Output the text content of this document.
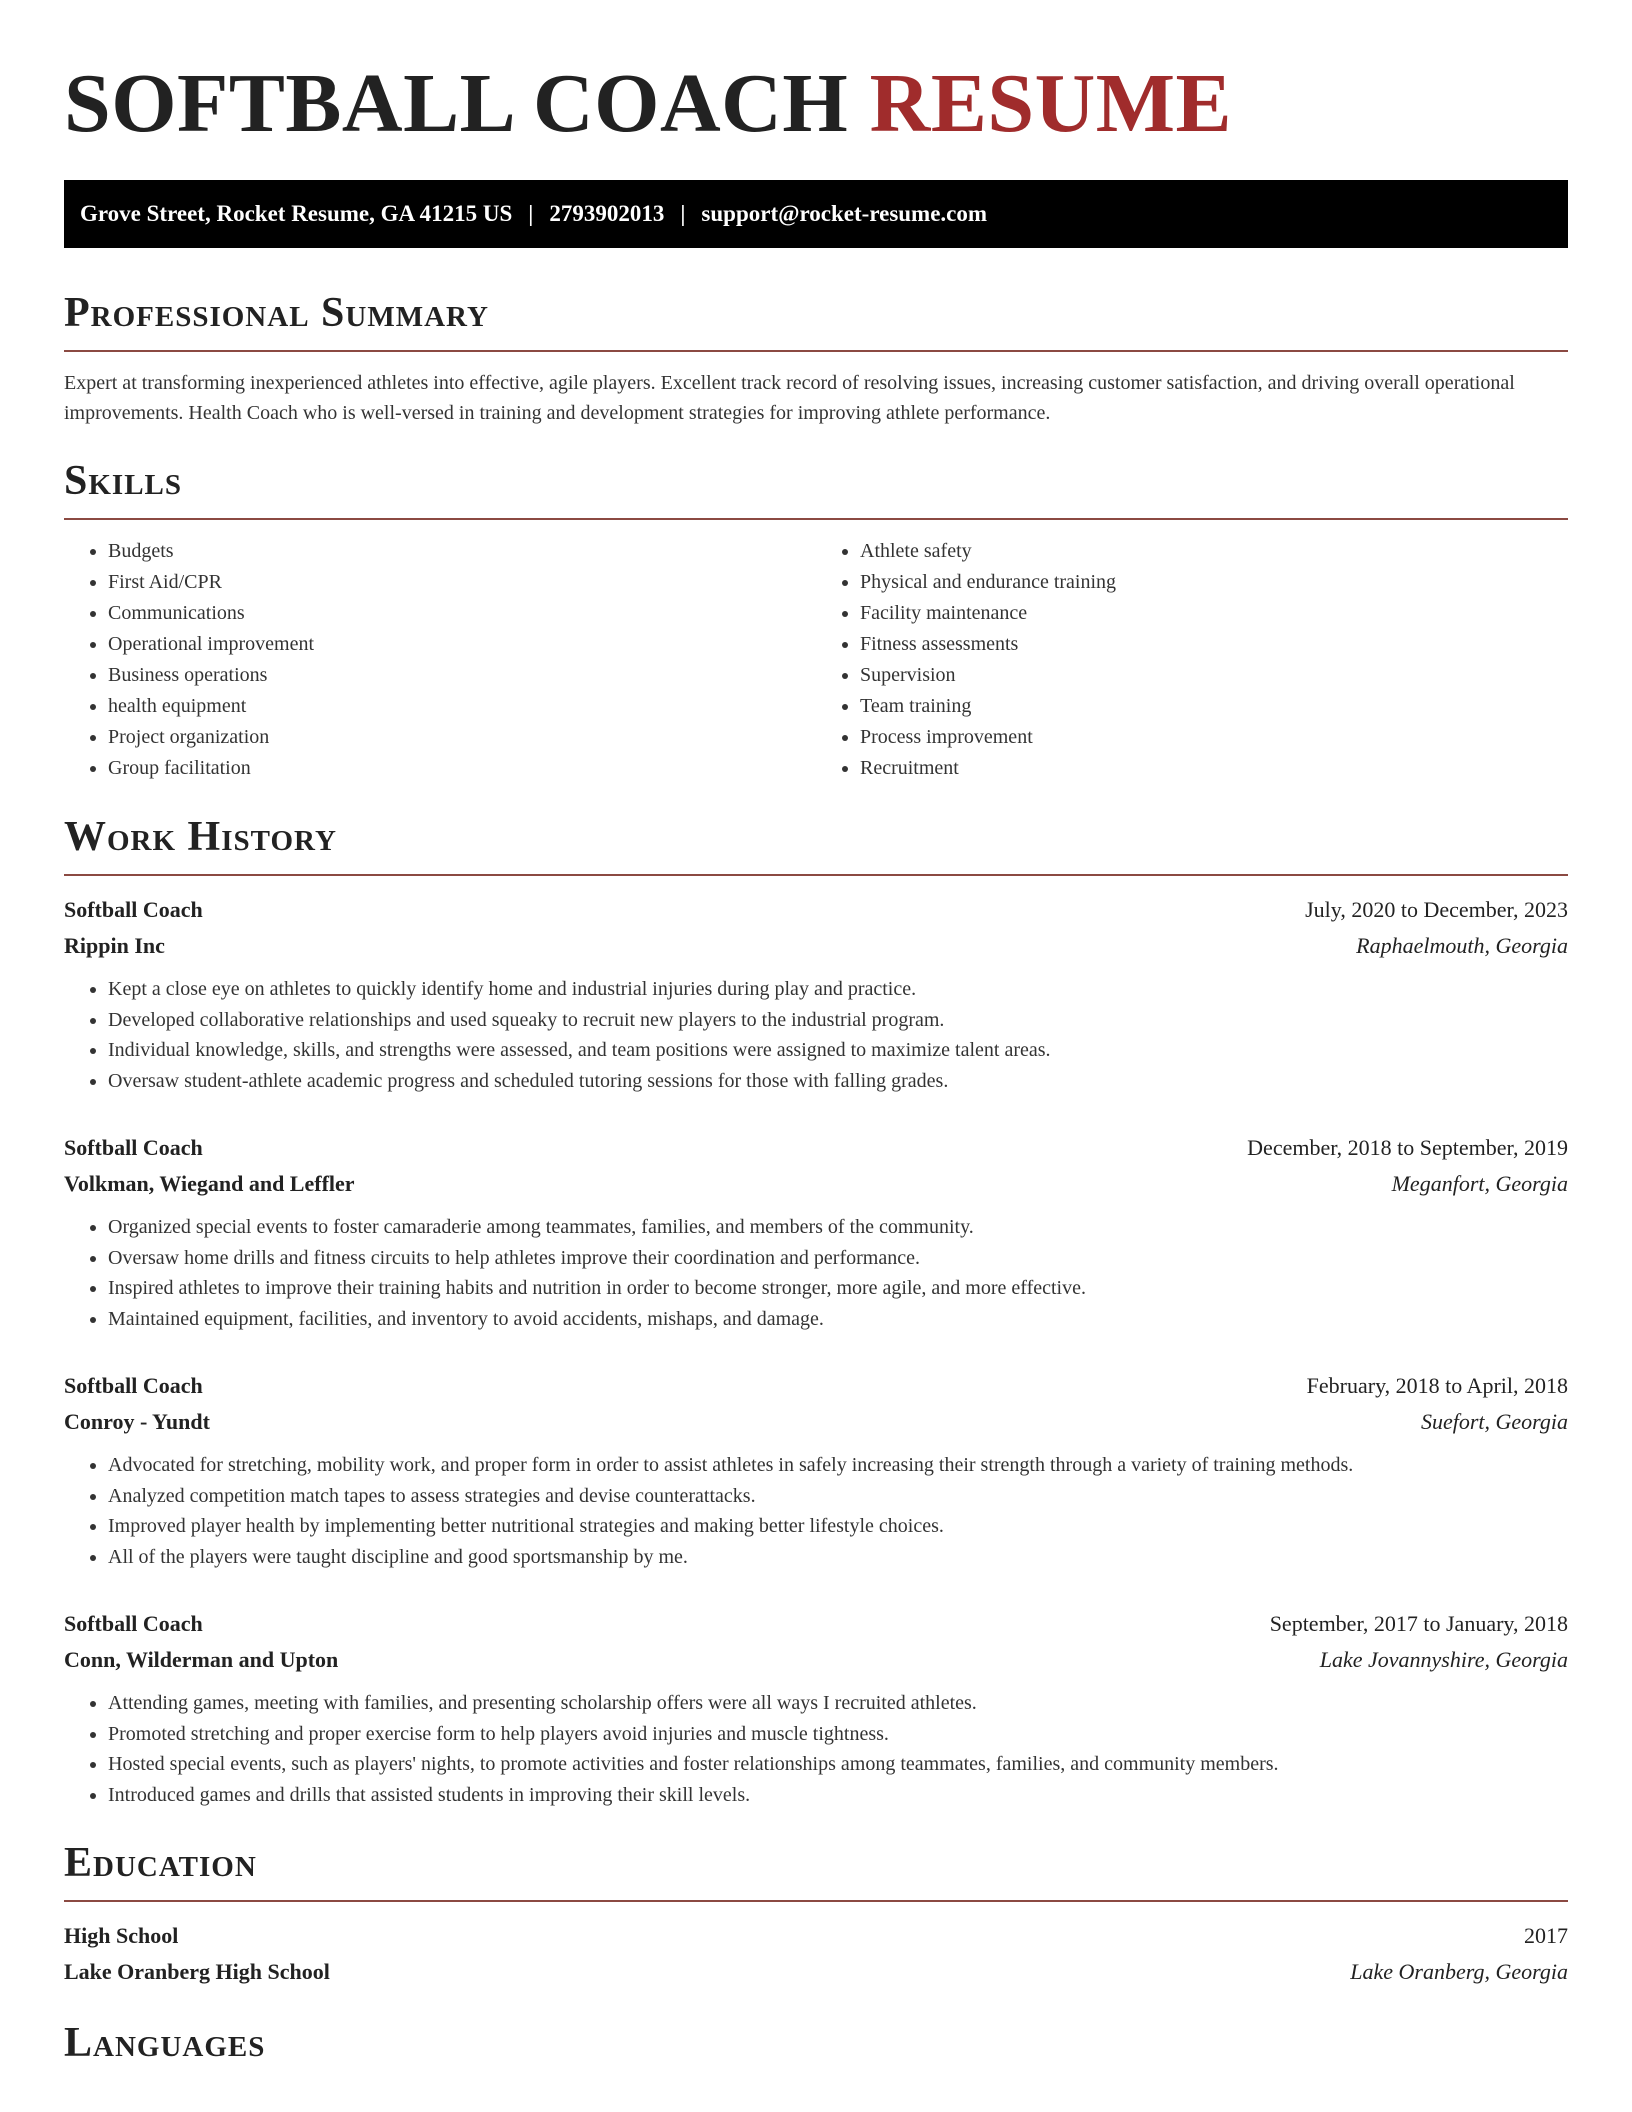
SOFTBALL COACH RESUME
Grove Street, Rocket Resume, GA 41215 US | 2793902013 | support@rocket-resume.com
Professional Summary

Expert at transforming inexperienced athletes into effective, agile players. Excellent track record of resolving issues, increasing customer satisfaction, and driving overall operational improvements. Health Coach who is well-versed in training and development strategies for improving athlete performance.

Skills
• Budgets
• First Aid/CPR
• Communications
• Operational improvement
• Business operations
• health equipment
• Project organization
• Group facilitation
• Athlete safety
• Physical and endurance training
• Facility maintenance
• Fitness assessments
• Supervision
• Team training
• Process improvement
• Recruitment
Work History
Softball Coach	July, 2020 to December, 2023
Rippin Inc	Raphaelmouth, Georgia
• Kept a close eye on athletes to quickly identify home and industrial injuries during play and practice.
• Developed collaborative relationships and used squeaky to recruit new players to the industrial program.
• Individual knowledge, skills, and strengths were assessed, and team positions were assigned to maximize talent areas.
• Oversaw student-athlete academic progress and scheduled tutoring sessions for those with falling grades.
Softball Coach	December, 2018 to September, 2019
Volkman, Wiegand and Leffler	Meganfort, Georgia
• Organized special events to foster camaraderie among teammates, families, and members of the community.
• Oversaw home drills and fitness circuits to help athletes improve their coordination and performance.
• Inspired athletes to improve their training habits and nutrition in order to become stronger, more agile, and more effective.
• Maintained equipment, facilities, and inventory to avoid accidents, mishaps, and damage.
Softball Coach	February, 2018 to April, 2018
Conroy - Yundt	Suefort, Georgia
• Advocated for stretching, mobility work, and proper form in order to assist athletes in safely increasing their strength through a variety of training methods.
• Analyzed competition match tapes to assess strategies and devise counterattacks.
• Improved player health by implementing better nutritional strategies and making better lifestyle choices.
• All of the players were taught discipline and good sportsmanship by me.
Softball Coach	September, 2017 to January, 2018
Conn, Wilderman and Upton	Lake Jovannyshire, Georgia
• Attending games, meeting with families, and presenting scholarship offers were all ways I recruited athletes.
• Promoted stretching and proper exercise form to help players avoid injuries and muscle tightness.
• Hosted special events, such as players' nights, to promote activities and foster relationships among teammates, families, and community members.
• Introduced games and drills that assisted students in improving their skill levels.
Education
High School	2017
Lake Oranberg High School	Lake Oranberg, Georgia
Languages
